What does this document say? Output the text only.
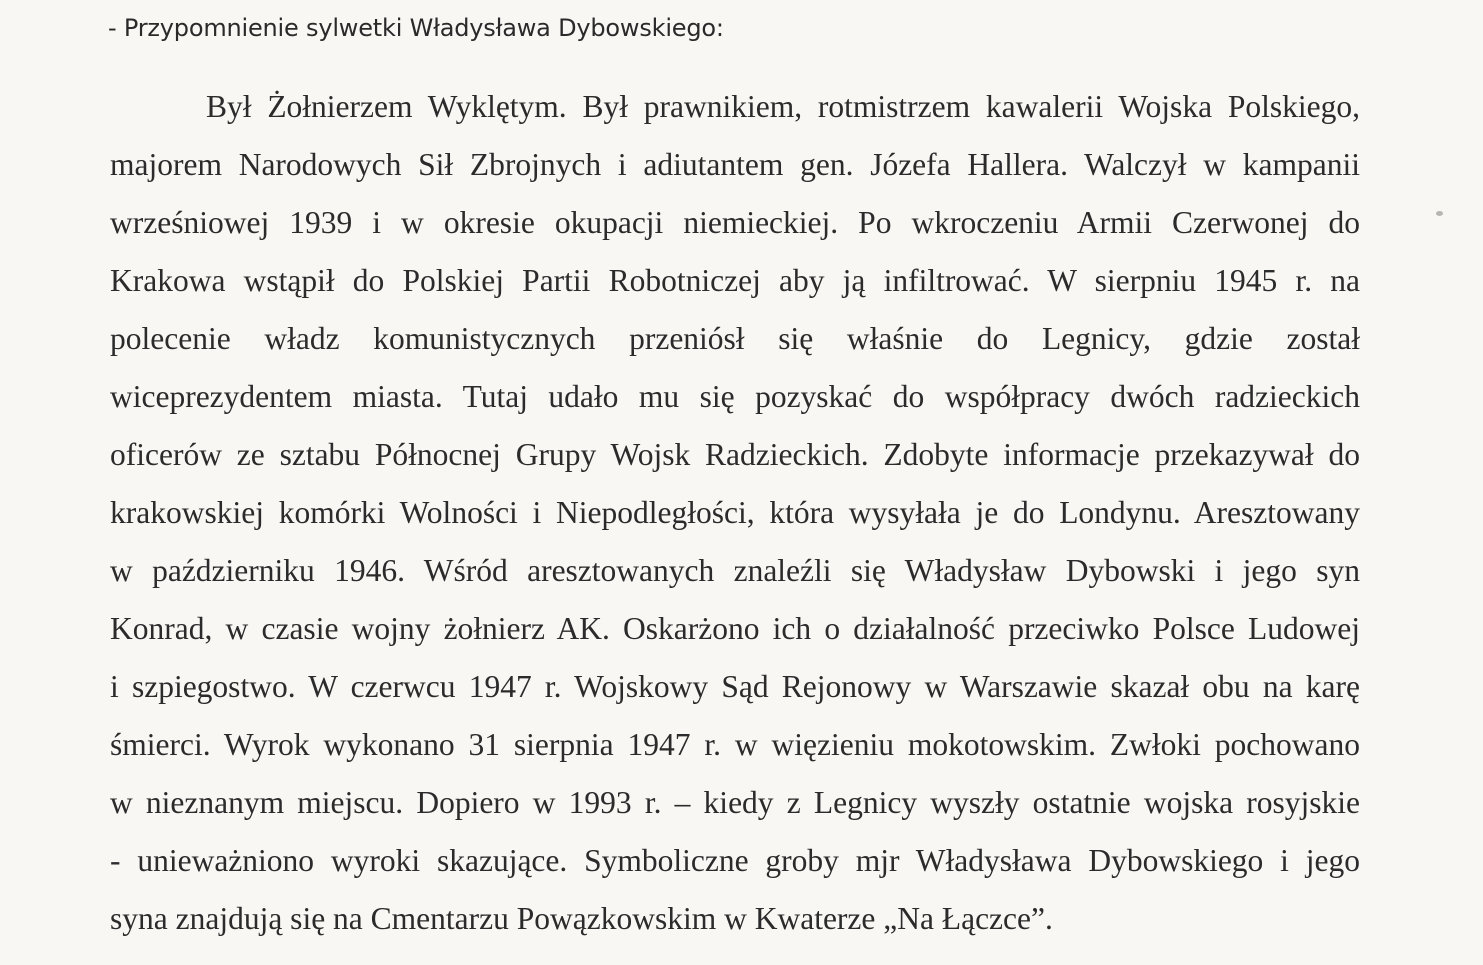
- Przypomnienie sylwetki Władysława Dybowskiego:
Był Żołnierzem Wyklętym. Był prawnikiem, rotmistrzem kawalerii Wojska Polskiego,
majorem Narodowych Sił Zbrojnych i adiutantem gen. Józefa Hallera. Walczył w kampanii
wrześniowej 1939 i w okresie okupacji niemieckiej. Po wkroczeniu Armii Czerwonej do
Krakowa wstąpił do Polskiej Partii Robotniczej aby ją infiltrować. W sierpniu 1945 r. na
polecenie władz komunistycznych przeniósł się właśnie do Legnicy, gdzie został
wiceprezydentem miasta. Tutaj udało mu się pozyskać do współpracy dwóch radzieckich
oficerów ze sztabu Północnej Grupy Wojsk Radzieckich. Zdobyte informacje przekazywał do
krakowskiej komórki Wolności i Niepodległości, która wysyłała je do Londynu. Aresztowany
w październiku 1946. Wśród aresztowanych znaleźli się Władysław Dybowski i jego syn
Konrad, w czasie wojny żołnierz AK. Oskarżono ich o działalność przeciwko Polsce Ludowej
i szpiegostwo. W czerwcu 1947 r. Wojskowy Sąd Rejonowy w Warszawie skazał obu na karę
śmierci. Wyrok wykonano 31 sierpnia 1947 r. w więzieniu mokotowskim. Zwłoki pochowano
w nieznanym miejscu. Dopiero w 1993 r. – kiedy z Legnicy wyszły ostatnie wojska rosyjskie
- unieważniono wyroki skazujące. Symboliczne groby mjr Władysława Dybowskiego i jego
syna znajdują się na Cmentarzu Powązkowskim w Kwaterze „Na Łączce”.
